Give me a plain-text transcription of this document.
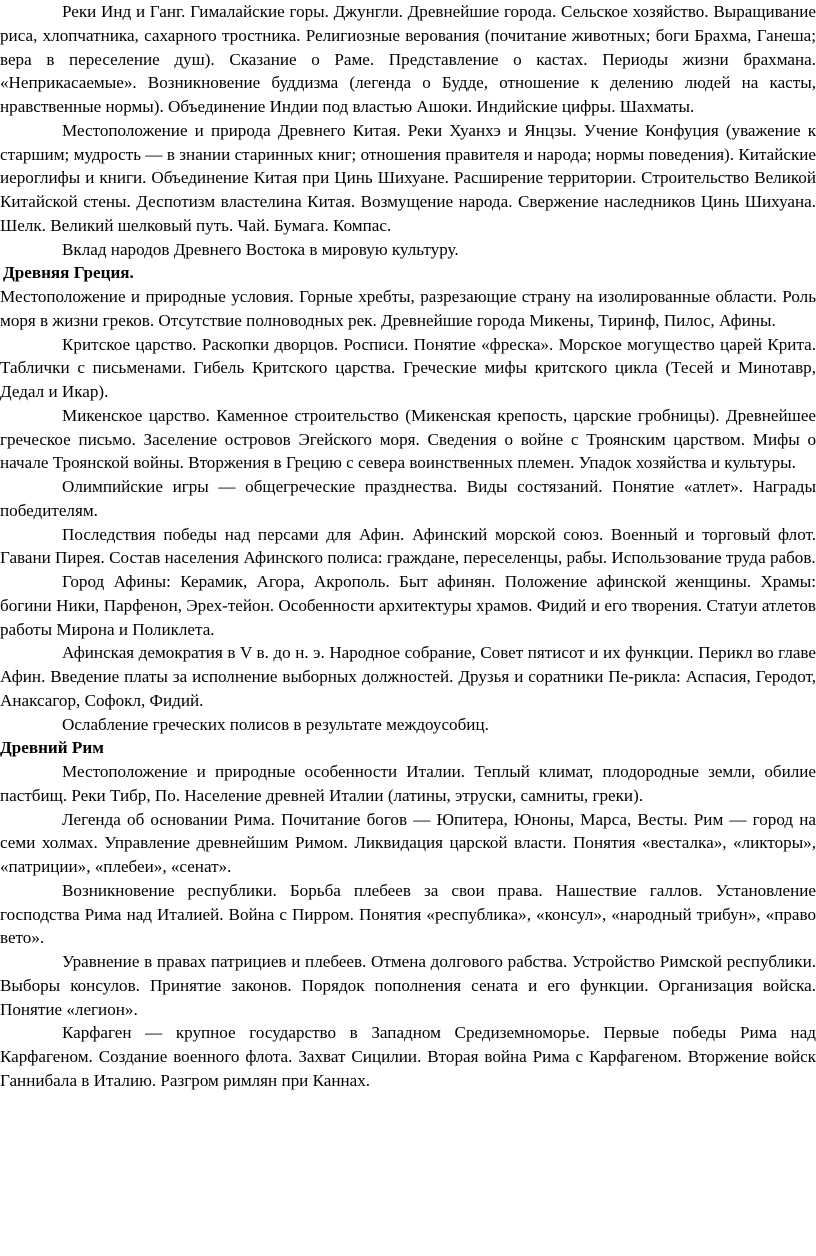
Реки Инд и Ганг. Гималайские горы. Джунгли. Древнейшие города. Сельское хозяйство. Выращивание риса, хлопчатника, сахарного тростника. Религиозные верования (почитание животных; боги Брахма, Ганеша; вера в переселение душ). Сказание о Раме. Представление о кастах. Периоды жизни брахмана. «Неприкасаемые». Возникновение буддизма (легенда о Будде, отношение к делению людей на касты, нравственные нормы). Объединение Индии под властью Ашоки. Индийские цифры. Шахматы.

Местоположение и природа Древнего Китая. Реки Хуанхэ и Янцзы. Учение Конфуция (уважение к старшим; мудрость — в знании старинных книг; отношения правителя и народа; нормы поведения). Китайские иероглифы и книги. Объединение Китая при Цинь Шихуане. Расширение территории. Строительство Великой Китайской стены. Деспотизм властелина Китая. Возмущение народа. Свержение наследников Цинь Шихуана. Шелк. Великий шелковый путь. Чай. Бумага. Компас.

Вклад народов Древнего Востока в мировую культуру.

Древняя Греция.

Местоположение и природные условия. Горные хребты, разрезающие страну на изолированные области. Роль моря в жизни греков. Отсутствие полноводных рек. Древнейшие города Микены, Тиринф, Пилос, Афины.

Критское царство. Раскопки дворцов. Росписи. Понятие «фреска». Морское могущество царей Крита. Таблички с письменами. Гибель Критского царства. Греческие мифы критского цикла (Тесей и Минотавр, Дедал и Икар).

Микенское царство. Каменное строительство (Микенская крепость, царские гробницы). Древнейшее греческое письмо. Заселение островов Эгейского моря. Сведения о войне с Троянским царством. Мифы о начале Троянской войны. Вторжения в Грецию с севера воинственных племен. Упадок хозяйства и культуры.

Олимпийские игры — общегреческие празднества. Виды состязаний. Понятие «атлет». Награды победителям.

Последствия победы над персами для Афин. Афинский морской союз. Военный и торговый флот. Гавани Пирея. Состав населения Афинского полиса: граждане, переселенцы, рабы. Использование труда рабов.

Город Афины: Керамик, Агора, Акрополь. Быт афинян. Положение афинской женщины. Храмы: богини Ники, Парфенон, Эрех-тейон. Особенности архитектуры храмов. Фидий и его творения. Статуи атлетов работы Мирона и Поликлета.

Афинская демократия в V в. до н. э. Народное собрание, Совет пятисот и их функции. Перикл во главе Афин. Введение платы за исполнение выборных должностей. Друзья и соратники Пе-рикла: Аспасия, Геродот, Анаксагор, Софокл, Фидий.

Ослабление греческих полисов в результате междоусобиц.

Древний Рим

Местоположение и природные особенности Италии. Теплый климат, плодородные земли, обилие пастбищ. Реки Тибр, По. Население древней Италии (латины, этруски, самниты, греки).

Легенда об основании Рима. Почитание богов — Юпитера, Юноны, Марса, Весты. Рим — город на семи холмах. Управление древнейшим Римом. Ликвидация царской власти. Понятия «весталка», «ликторы», «патриции», «плебеи», «сенат».

Возникновение республики. Борьба плебеев за свои права. Нашествие галлов. Установление господства Рима над Италией. Война с Пирром. Понятия «республика», «консул», «народный трибун», «право вето».

Уравнение в правах патрициев и плебеев. Отмена долгового рабства. Устройство Римской республики. Выборы консулов. Принятие законов. Порядок пополнения сената и его функции. Организация войска. Понятие «легион».

Карфаген — крупное государство в Западном Средиземноморье. Первые победы Рима над Карфагеном. Создание военного флота. Захват Сицилии. Вторая война Рима с Карфагеном. Вторжение войск Ганнибала в Италию. Разгром римлян при Каннах.
